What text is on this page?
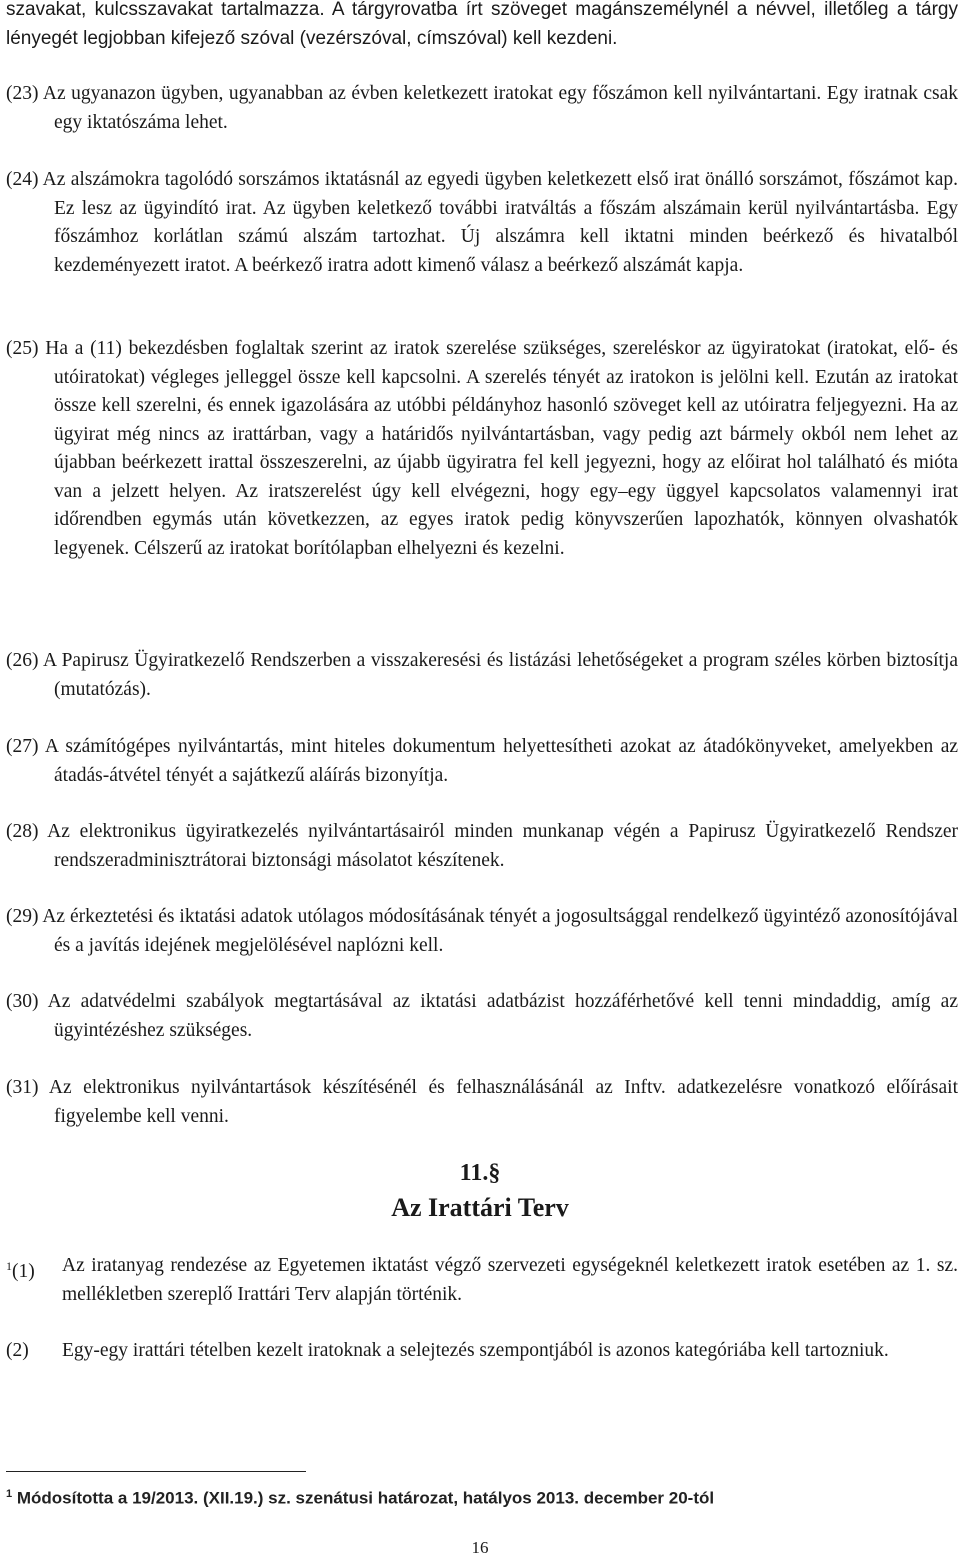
szavakat, kulcsszavakat tartalmazza. A tárgyrovatba írt szöveget magánszemélynél a névvel, illetőleg a tárgy lényegét legjobban kifejező szóval (vezérszóval, címszóval) kell kezdeni.
(23) Az ugyanazon ügyben, ugyanabban az évben keletkezett iratokat egy főszámon kell nyilvántartani. Egy iratnak csak egy iktatószáma lehet.
(24) Az alszámokra tagolódó sorszámos iktatásnál az egyedi ügyben keletkezett első irat önálló sorszámot, főszámot kap. Ez lesz az ügyindító irat. Az ügyben keletkező további iratváltás a főszám alszámain kerül nyilvántartásba. Egy főszámhoz korlátlan számú alszám tartozhat. Új alszámra kell iktatni minden beérkező és hivatalból kezdeményezett iratot. A beérkező iratra adott kimenő válasz a beérkező alszámát kapja.
(25) Ha a (11) bekezdésben foglaltak szerint az iratok szerelése szükséges, szereléskor az ügyiratokat (iratokat, elő- és utóiratokat) végleges jelleggel össze kell kapcsolni. A szerelés tényét az iratokon is jelölni kell. Ezután az iratokat össze kell szerelni, és ennek igazolására az utóbbi példányhoz hasonló szöveget kell az utóiratra feljegyezni. Ha az ügyirat még nincs az irattárban, vagy a határidős nyilvántartásban, vagy pedig azt bármely okból nem lehet az újabban beérkezett irattal összeszerelni, az újabb ügyiratra fel kell jegyezni, hogy az előirat hol található és mióta van a jelzett helyen. Az iratszerelést úgy kell elvégezni, hogy egy–egy üggyel kapcsolatos valamennyi irat időrendben egymás után következzen, az egyes iratok pedig könyvszerűen lapozhatók, könnyen olvashatók legyenek. Célszerű az iratokat borítólapban elhelyezni és kezelni.
(26) A Papirusz Ügyiratkezelő Rendszerben a visszakeresési és listázási lehetőségeket a program széles körben biztosítja (mutatózás).
(27) A számítógépes nyilvántartás, mint hiteles dokumentum helyettesítheti azokat az átadókönyveket, amelyekben az átadás-átvétel tényét a sajátkezű aláírás bizonyítja.
(28) Az elektronikus ügyiratkezelés nyilvántartásairól minden munkanap végén a Papirusz Ügyiratkezelő Rendszer rendszeradminisztrátorai biztonsági másolatot készítenek.
(29) Az érkeztetési és iktatási adatok utólagos módosításának tényét a jogosultsággal rendelkező ügyintéző azonosítójával és a javítás idejének megjelölésével naplózni kell.
(30) Az adatvédelmi szabályok megtartásával az iktatási adatbázist hozzáférhetővé kell tenni mindaddig, amíg az ügyintézéshez szükséges.
(31) Az elektronikus nyilvántartások készítésénél és felhasználásánál az Inftv. adatkezelésre vonatkozó előírásait figyelembe kell venni.
11.§
Az Irattári Terv
$^1$(1) Az iratanyag rendezése az Egyetemen iktatást végző szervezeti egységeknél keletkezett iratok esetében az 1. sz. mellékletben szereplő Irattári Terv alapján történik.
(2) Egy-egy irattári tételben kezelt iratoknak a selejtezés szempontjából is azonos kategóriába kell tartozniuk.
$^1$ Módosította a 19/2013. (XII.19.) sz. szenátusi határozat, hatályos 2013. december 20-tól
16
